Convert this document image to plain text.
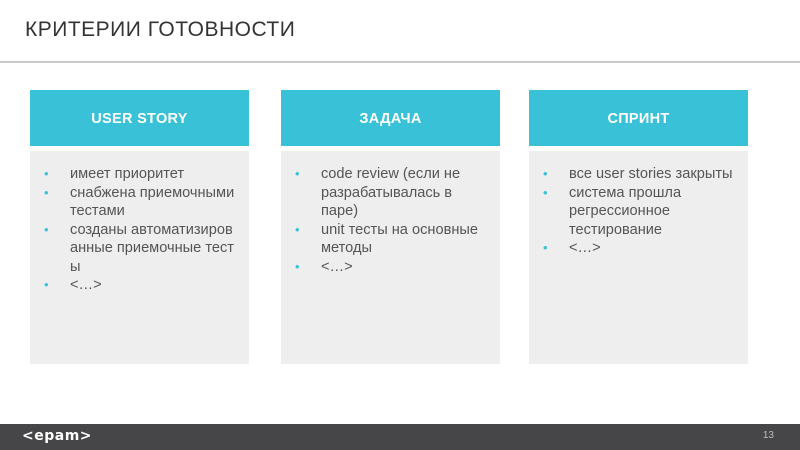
КРИТЕРИИ ГОТОВНОСТИ
USER STORY
• имеет приоритет
• снабжена приемочными тестами
• созданы автоматизированные приемочные тесты
• <…>
ЗАДАЧА
• code review (если не разрабатывалась в паре)
• unit тесты на основные методы
• <…>
СПРИНТ
• все user stories закрыты
• система прошла регрессионное тестирование
• <…>
<epam>	13
